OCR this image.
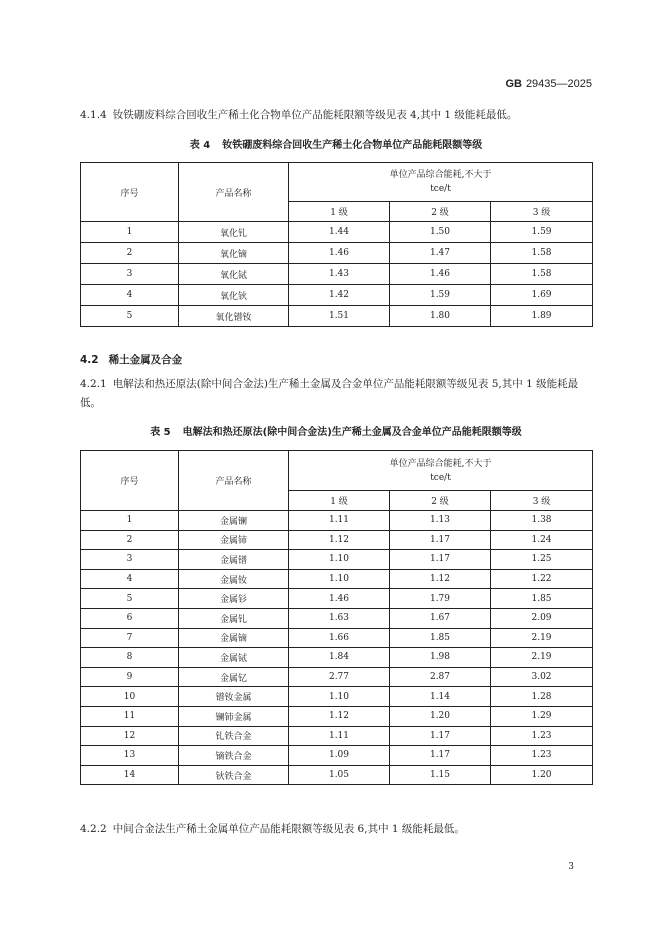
GB 29435—2025
4.1.4 钕铁硼废料综合回收生产稀土化合物单位产品能耗限额等级见表 4,其中 1 级能耗最低。
表 4 钕铁硼废料综合回收生产稀土化合物单位产品能耗限额等级
序号	产品名称	单位产品综合能耗,不大于
tce/t		

		1 级	2 级	3 级
1	氧化钆	1.44	1.50	1.59
2	氧化镝	1.46	1.47	1.58
3	氧化铽	1.43	1.46	1.58
4	氧化钬	1.42	1.59	1.69
5	氧化镨钕	1.51	1.80	1.89
4.2 稀土金属及合金
4.2.1 电解法和热还原法(除中间合金法)生产稀土金属及合金单位产品能耗限额等级见表 5,其中 1 级能耗最低。
表 5 电解法和热还原法(除中间合金法)生产稀土金属及合金单位产品能耗限额等级
序号	产品名称	单位产品综合能耗,不大于
tce/t		

		1 级	2 级	3 级
1	金属镧	1.11	1.13	1.38
2	金属铈	1.12	1.17	1.24
3	金属镨	1.10	1.17	1.25
4	金属钕	1.10	1.12	1.22
5	金属钐	1.46	1.79	1.85
6	金属钆	1.63	1.67	2.09
7	金属镝	1.66	1.85	2.19
8	金属铽	1.84	1.98	2.19
9	金属钇	2.77	2.87	3.02
10	镨钕金属	1.10	1.14	1.28
11	镧铈金属	1.12	1.20	1.29
12	钆铁合金	1.11	1.17	1.23
13	镝铁合金	1.09	1.17	1.23
14	钬铁合金	1.05	1.15	1.20
4.2.2 中间合金法生产稀土金属单位产品能耗限额等级见表 6,其中 1 级能耗最低。
3
